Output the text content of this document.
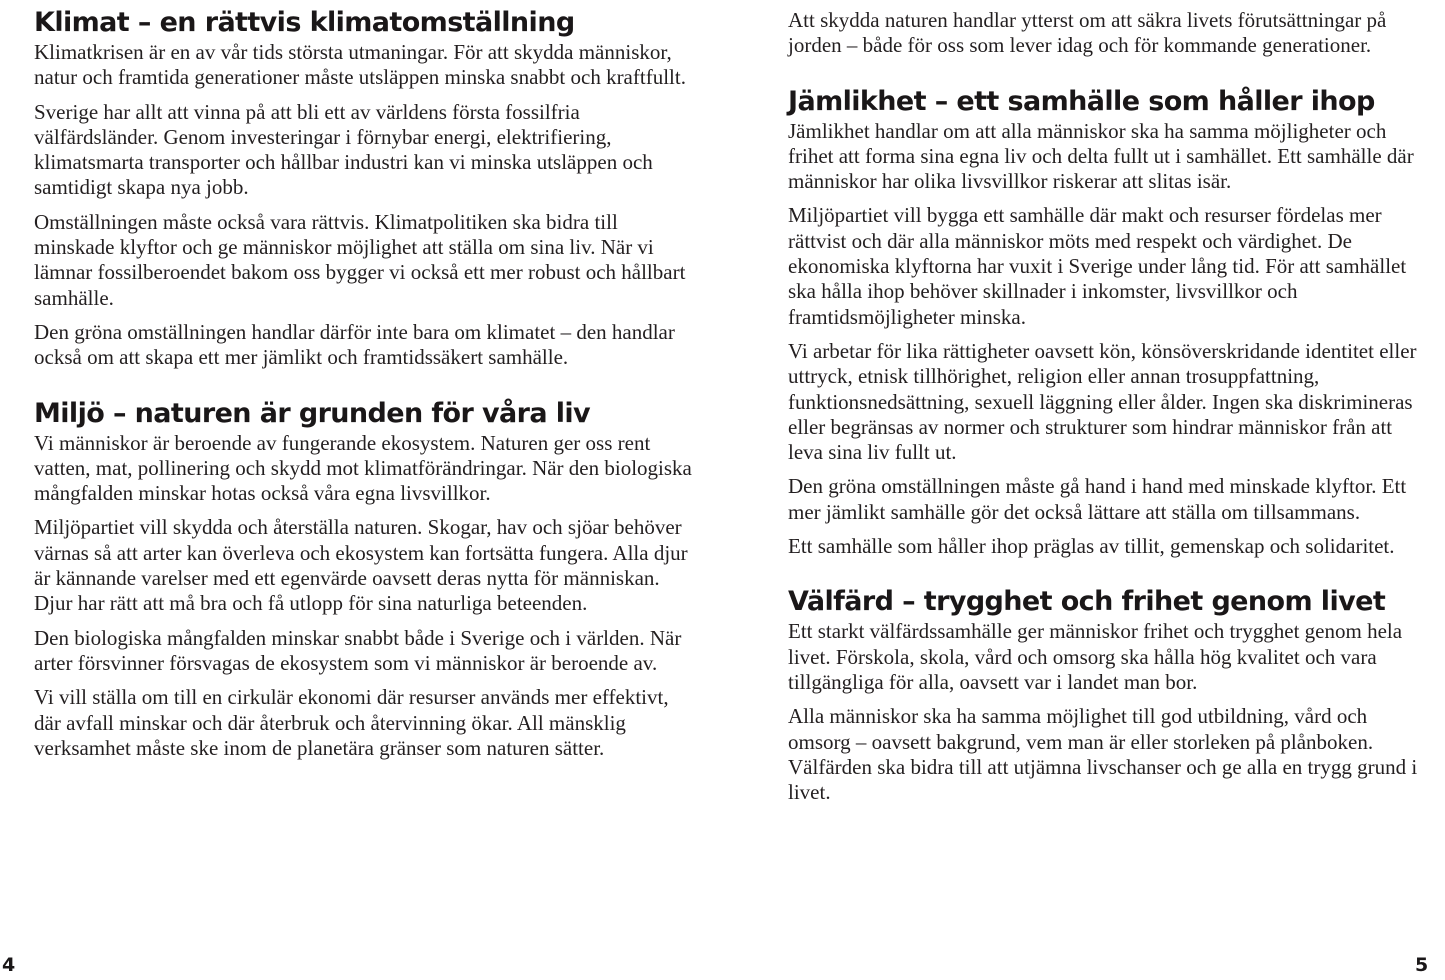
Klimat – en rättvis klimatomställning

Klimatkrisen är en av vår tids största utmaningar. För att skydda människor, natur och framtida generationer måste utsläppen minska snabbt och kraftfullt.

Sverige har allt att vinna på att bli ett av världens första fossilfria välfärdsländer. Genom investeringar i förnybar energi, elektrifiering, klimatsmarta transporter och hållbar industri kan vi minska utsläppen och samtidigt skapa nya jobb.

Omställningen måste också vara rättvis. Klimatpolitiken ska bidra till minskade klyftor och ge människor möjlighet att ställa om sina liv. När vi lämnar fossilberoendet bakom oss bygger vi också ett mer robust och hållbart samhälle.

Den gröna omställningen handlar därför inte bara om klimatet – den handlar också om att skapa ett mer jämlikt och framtidssäkert samhälle.

Miljö – naturen är grunden för våra liv

Vi människor är beroende av fungerande ekosystem. Naturen ger oss rent vatten, mat, pollinering och skydd mot klimatförändringar. När den biologiska mångfalden minskar hotas också våra egna livsvillkor.

Miljöpartiet vill skydda och återställa naturen. Skogar, hav och sjöar behöver värnas så att arter kan överleva och ekosystem kan fortsätta fungera. Alla djur är kännande varelser med ett egenvärde oavsett deras nytta för människan. Djur har rätt att må bra och få utlopp för sina naturliga beteenden.

Den biologiska mångfalden minskar snabbt både i Sverige och i världen. När arter försvinner försvagas de ekosystem som vi människor är beroende av.

Vi vill ställa om till en cirkulär ekonomi där resurser används mer effektivt, där avfall minskar och där återbruk och återvinning ökar. All mänsklig verksamhet måste ske inom de planetära gränser som naturen sätter.

Att skydda naturen handlar ytterst om att säkra livets förutsättningar på jorden – både för oss som lever idag och för kommande generationer.

Jämlikhet – ett samhälle som håller ihop

Jämlikhet handlar om att alla människor ska ha samma möjligheter och frihet att forma sina egna liv och delta fullt ut i samhället. Ett samhälle där människor har olika livsvillkor riskerar att slitas isär.

Miljöpartiet vill bygga ett samhälle där makt och resurser fördelas mer rättvist och där alla människor möts med respekt och värdighet. De ekonomiska klyftorna har vuxit i Sverige under lång tid. För att samhället ska hålla ihop behöver skillnader i inkomster, livsvillkor och framtidsmöjligheter minska.

Vi arbetar för lika rättigheter oavsett kön, könsöverskridande identitet eller uttryck, etnisk tillhörighet, religion eller annan trosuppfattning, funktionsnedsättning, sexuell läggning eller ålder. Ingen ska diskrimineras eller begränsas av normer och strukturer som hindrar människor från att leva sina liv fullt ut.

Den gröna omställningen måste gå hand i hand med minskade klyftor. Ett mer jämlikt samhälle gör det också lättare att ställa om tillsammans.

Ett samhälle som håller ihop präglas av tillit, gemenskap och solidaritet.

Välfärd – trygghet och frihet genom livet

Ett starkt välfärdssamhälle ger människor frihet och trygghet genom hela livet. Förskola, skola, vård och omsorg ska hålla hög kvalitet och vara tillgängliga för alla, oavsett var i landet man bor.

Alla människor ska ha samma möjlighet till god utbildning, vård och omsorg – oavsett bakgrund, vem man är eller storleken på plånboken. Välfärden ska bidra till att utjämna livschanser och ge alla en trygg grund i livet.

4	5
